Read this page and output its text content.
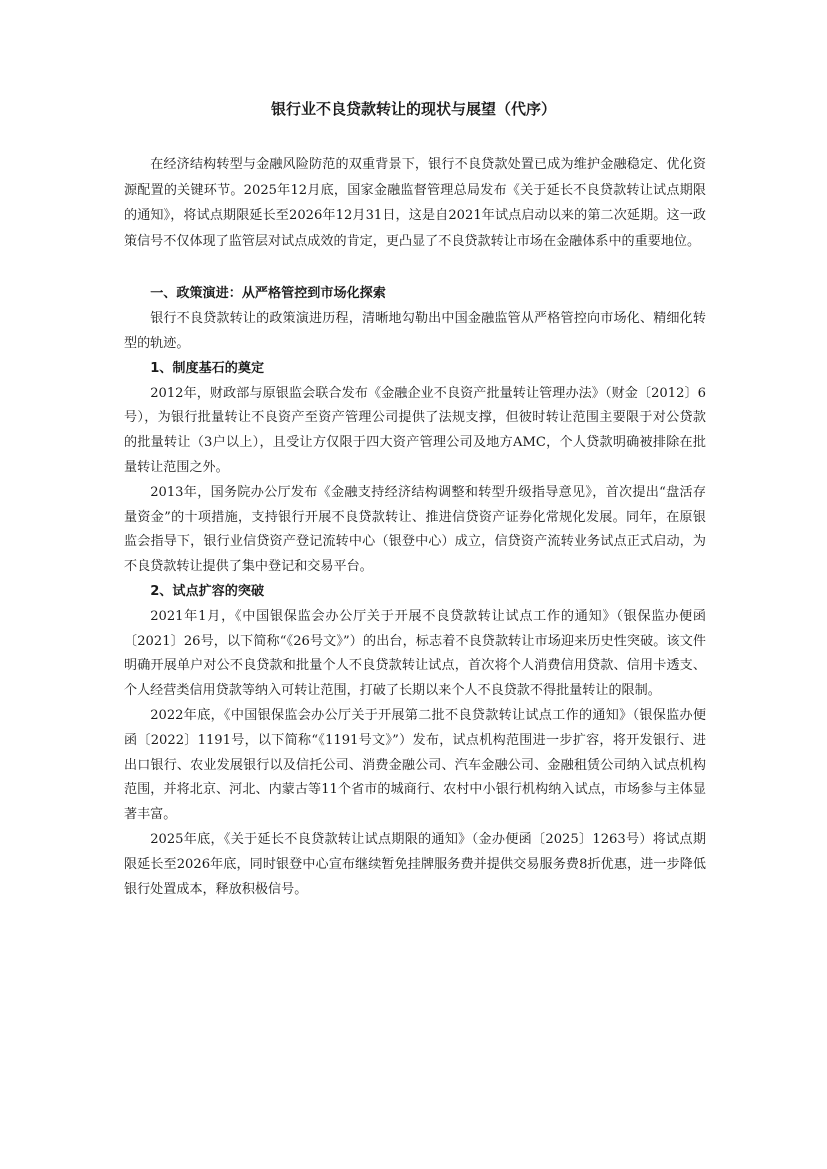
银行业不良贷款转让的现状与展望（代序）

在经济结构转型与金融风险防范的双重背景下，银行不良贷款处置已成为维护金融稳定、优化资源配置的关键环节。2025年12月底，国家金融监督管理总局发布《关于延长不良贷款转让试点期限的通知》，将试点期限延长至2026年12月31日，这是自2021年试点启动以来的第二次延期。这一政策信号不仅体现了监管层对试点成效的肯定，更凸显了不良贷款转让市场在金融体系中的重要地位。

一、政策演进：从严格管控到市场化探索

银行不良贷款转让的政策演进历程，清晰地勾勒出中国金融监管从严格管控向市场化、精细化转型的轨迹。

1、制度基石的奠定

2012年，财政部与原银监会联合发布《金融企业不良资产批量转让管理办法》（财金〔2012〕6号），为银行批量转让不良资产至资产管理公司提供了法规支撑，但彼时转让范围主要限于对公贷款的批量转让（3户以上），且受让方仅限于四大资产管理公司及地方AMC，个人贷款明确被排除在批量转让范围之外。

2013年，国务院办公厅发布《金融支持经济结构调整和转型升级指导意见》，首次提出“盘活存量资金”的十项措施，支持银行开展不良贷款转让、推进信贷资产证券化常规化发展。同年，在原银监会指导下，银行业信贷资产登记流转中心（银登中心）成立，信贷资产流转业务试点正式启动，为不良贷款转让提供了集中登记和交易平台。

2、试点扩容的突破

2021年1月，《中国银保监会办公厅关于开展不良贷款转让试点工作的通知》（银保监办便函〔2021〕26号，以下简称“《26号文》”）的出台，标志着不良贷款转让市场迎来历史性突破。该文件明确开展单户对公不良贷款和批量个人不良贷款转让试点，首次将个人消费信用贷款、信用卡透支、个人经营类信用贷款等纳入可转让范围，打破了长期以来个人不良贷款不得批量转让的限制。

2022年底，《中国银保监会办公厅关于开展第二批不良贷款转让试点工作的通知》（银保监办便函〔2022〕1191号，以下简称“《1191号文》”）发布，试点机构范围进一步扩容，将开发银行、进出口银行、农业发展银行以及信托公司、消费金融公司、汽车金融公司、金融租赁公司纳入试点机构范围，并将北京、河北、内蒙古等11个省市的城商行、农村中小银行机构纳入试点，市场参与主体显著丰富。

2025年底，《关于延长不良贷款转让试点期限的通知》（金办便函〔2025〕1263号）将试点期限延长至2026年底，同时银登中心宣布继续暂免挂牌服务费并提供交易服务费8折优惠，进一步降低银行处置成本，释放积极信号。
